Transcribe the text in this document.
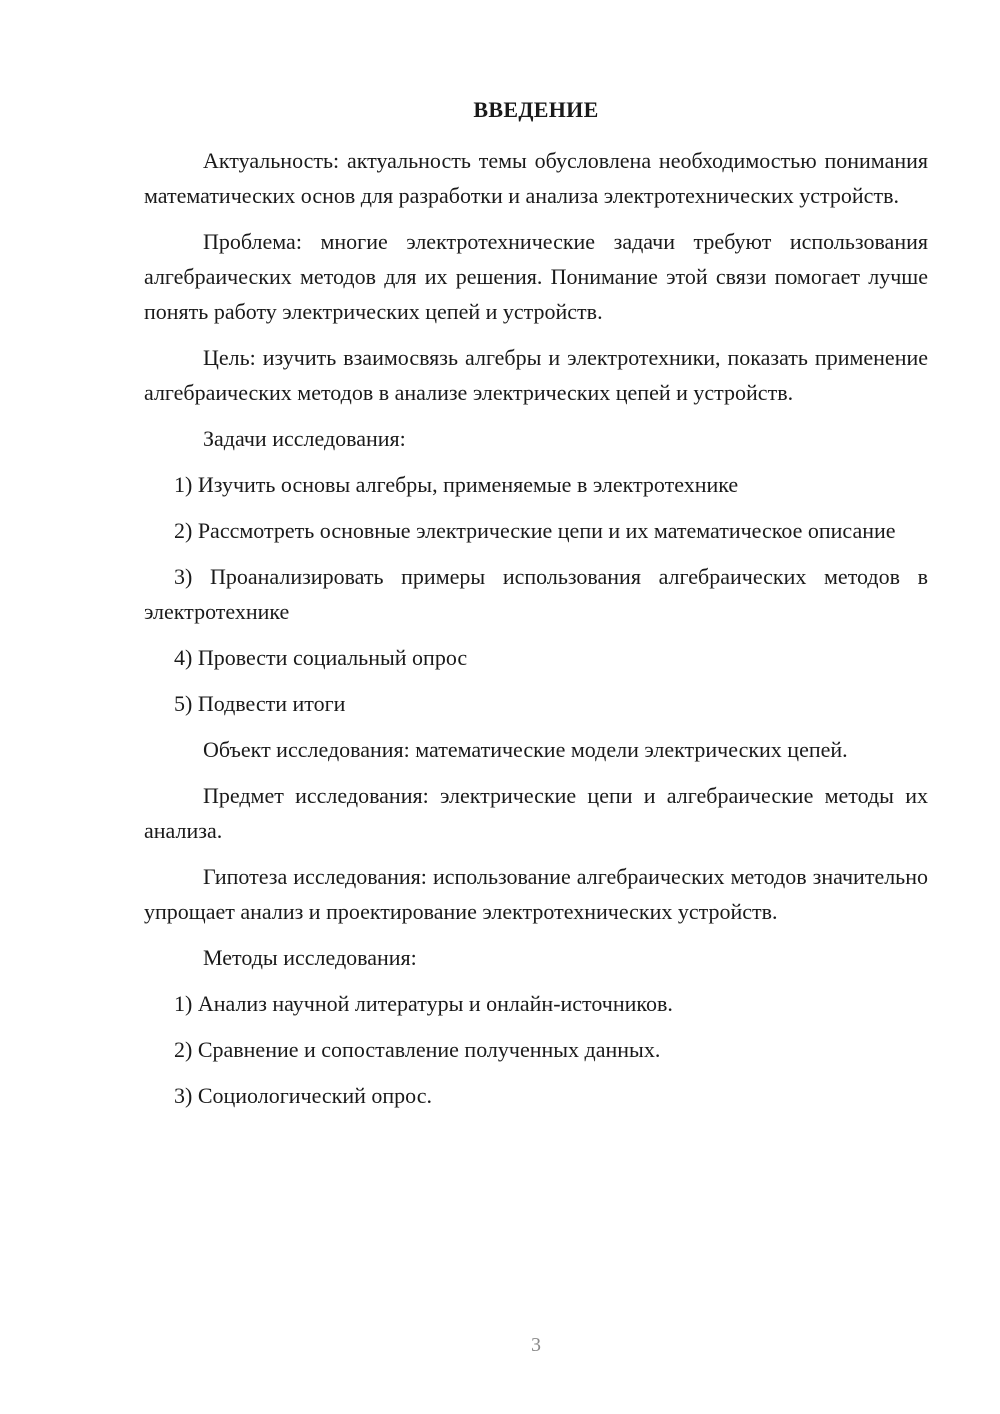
ВВЕДЕНИЕ

Актуальность: актуальность темы обусловлена необходимостью понимания математических основ для разработки и анализа электротехнических устройств.

Проблема: многие электротехнические задачи требуют использования алгебраических методов для их решения. Понимание этой связи помогает лучше понять работу электрических цепей и устройств.

Цель: изучить взаимосвязь алгебры и электротехники, показать применение алгебраических методов в анализе электрических цепей и устройств.

Задачи исследования:

1) Изучить основы алгебры, применяемые в электротехнике

2) Рассмотреть основные электрические цепи и их математическое описание

3) Проанализировать примеры использования алгебраических методов в электротехнике

4) Провести социальный опрос

5) Подвести итоги

Объект исследования: математические модели электрических цепей.

Предмет исследования: электрические цепи и алгебраические методы их анализа.

Гипотеза исследования: использование алгебраических методов значительно упрощает анализ и проектирование электротехнических устройств.

Методы исследования:

1) Анализ научной литературы и онлайн-источников.

2) Сравнение и сопоставление полученных данных.

3) Социологический опрос.

3
